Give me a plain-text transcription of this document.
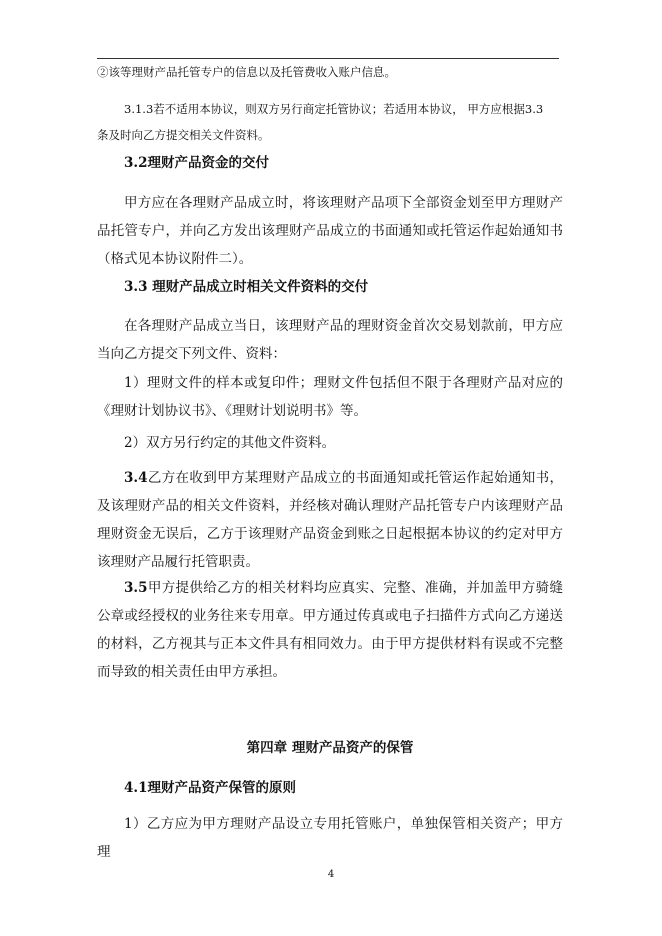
②该等理财产品托管专户的信息以及托管费收入账户信息。

3.1.3若不适用本协议，则双方另行商定托管协议；若适用本协议， 甲方应根据3.3
条及时向乙方提交相关文件资料。

3.2理财产品资金的交付

甲方应在各理财产品成立时，将该理财产品项下全部资金划至甲方理财产品托管专户，并向乙方发出该理财产品成立的书面通知或托管运作起始通知书（格式见本协议附件二）。

3.3 理财产品成立时相关文件资料的交付

在各理财产品成立当日，该理财产品的理财资金首次交易划款前，甲方应当向乙方提交下列文件、资料：

1）理财文件的样本或复印件；理财文件包括但不限于各理财产品对应的《理财计划协议书》、《理财计划说明书》等。

2）双方另行约定的其他文件资料。

3.4乙方在收到甲方某理财产品成立的书面通知或托管运作起始通知书，及该理财产品的相关文件资料，并经核对确认理财产品托管专户内该理财产品理财资金无误后，乙方于该理财产品资金到账之日起根据本协议的约定对甲方该理财产品履行托管职责。

3.5甲方提供给乙方的相关材料均应真实、完整、准确，并加盖甲方骑缝公章或经授权的业务往来专用章。甲方通过传真或电子扫描件方式向乙方递送的材料，乙方视其与正本文件具有相同效力。由于甲方提供材料有误或不完整而导致的相关责任由甲方承担。

第四章 理财产品资产的保管

4.1理财产品资产保管的原则

1）乙方应为甲方理财产品设立专用托管账户，单独保管相关资产；甲方理

4
